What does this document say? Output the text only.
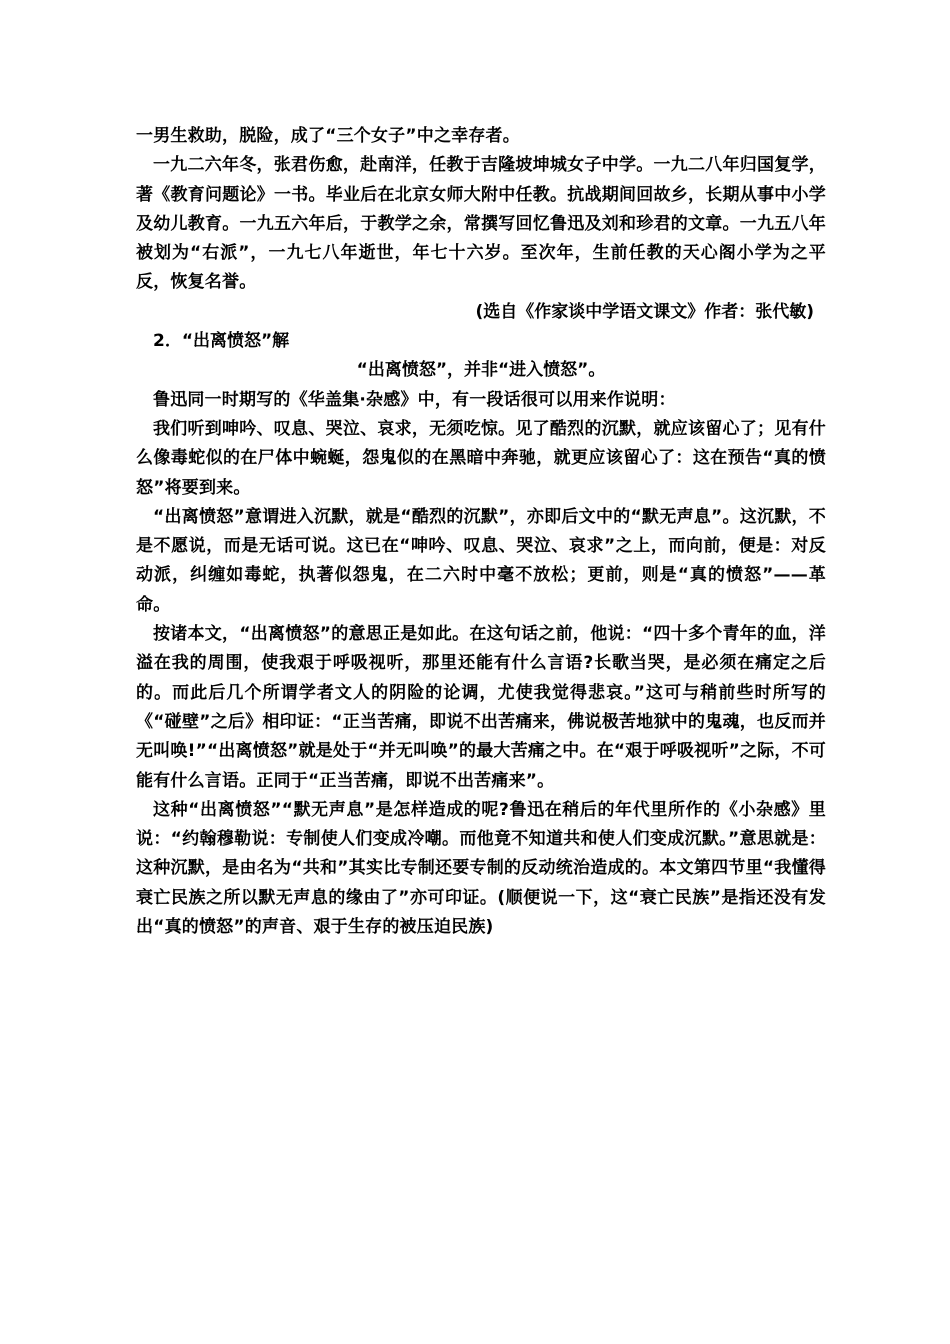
一男生救助，脱险，成了“三个女子”中之幸存者。

一九二六年冬，张君伤愈，赴南洋，任教于吉隆坡坤城女子中学。一九二八年归国复学，著《教育问题论》一书。毕业后在北京女师大附中任教。抗战期间回故乡，长期从事中小学及幼儿教育。一九五六年后，于教学之余，常撰写回忆鲁迅及刘和珍君的文章。一九五八年被划为“右派”，一九七八年逝世，年七十六岁。至次年，生前任教的天心阁小学为之平反，恢复名誉。

(选自《作家谈中学语文课文》作者：张代敏)

2．“出离愤怒”解

“出离愤怒”，并非“进入愤怒”。

鲁迅同一时期写的《华盖集·杂感》中，有一段话很可以用来作说明：

我们听到呻吟、叹息、哭泣、哀求，无须吃惊。见了酷烈的沉默，就应该留心了；见有什么像毒蛇似的在尸体中蜿蜒，怨鬼似的在黑暗中奔驰，就更应该留心了：这在预告“真的愤怒”将要到来。

“出离愤怒”意谓进入沉默，就是“酷烈的沉默”，亦即后文中的“默无声息”。这沉默，不是不愿说，而是无话可说。这已在“呻吟、叹息、哭泣、哀求”之上，而向前，便是：对反动派，纠缠如毒蛇，执著似怨鬼，在二六时中毫不放松；更前，则是“真的愤怒”——革命。

按诸本文，“出离愤怒”的意思正是如此。在这句话之前，他说：“四十多个青年的血，洋溢在我的周围，使我艰于呼吸视听，那里还能有什么言语?长歌当哭，是必须在痛定之后的。而此后几个所谓学者文人的阴险的论调，尤使我觉得悲哀。”这可与稍前些时所写的《“碰壁”之后》相印证：“正当苦痛，即说不出苦痛来，佛说极苦地狱中的鬼魂，也反而并无叫唤!”“出离愤怒”就是处于“并无叫唤”的最大苦痛之中。在“艰于呼吸视听”之际，不可能有什么言语。正同于“正当苦痛，即说不出苦痛来”。

这种“出离愤怒”“默无声息”是怎样造成的呢?鲁迅在稍后的年代里所作的《小杂感》里说：“约翰穆勒说：专制使人们变成冷嘲。而他竟不知道共和使人们变成沉默。”意思就是：这种沉默，是由名为“共和”其实比专制还要专制的反动统治造成的。本文第四节里“我懂得衰亡民族之所以默无声息的缘由了”亦可印证。(顺便说一下，这“衰亡民族”是指还没有发出“真的愤怒”的声音、艰于生存的被压迫民族)
